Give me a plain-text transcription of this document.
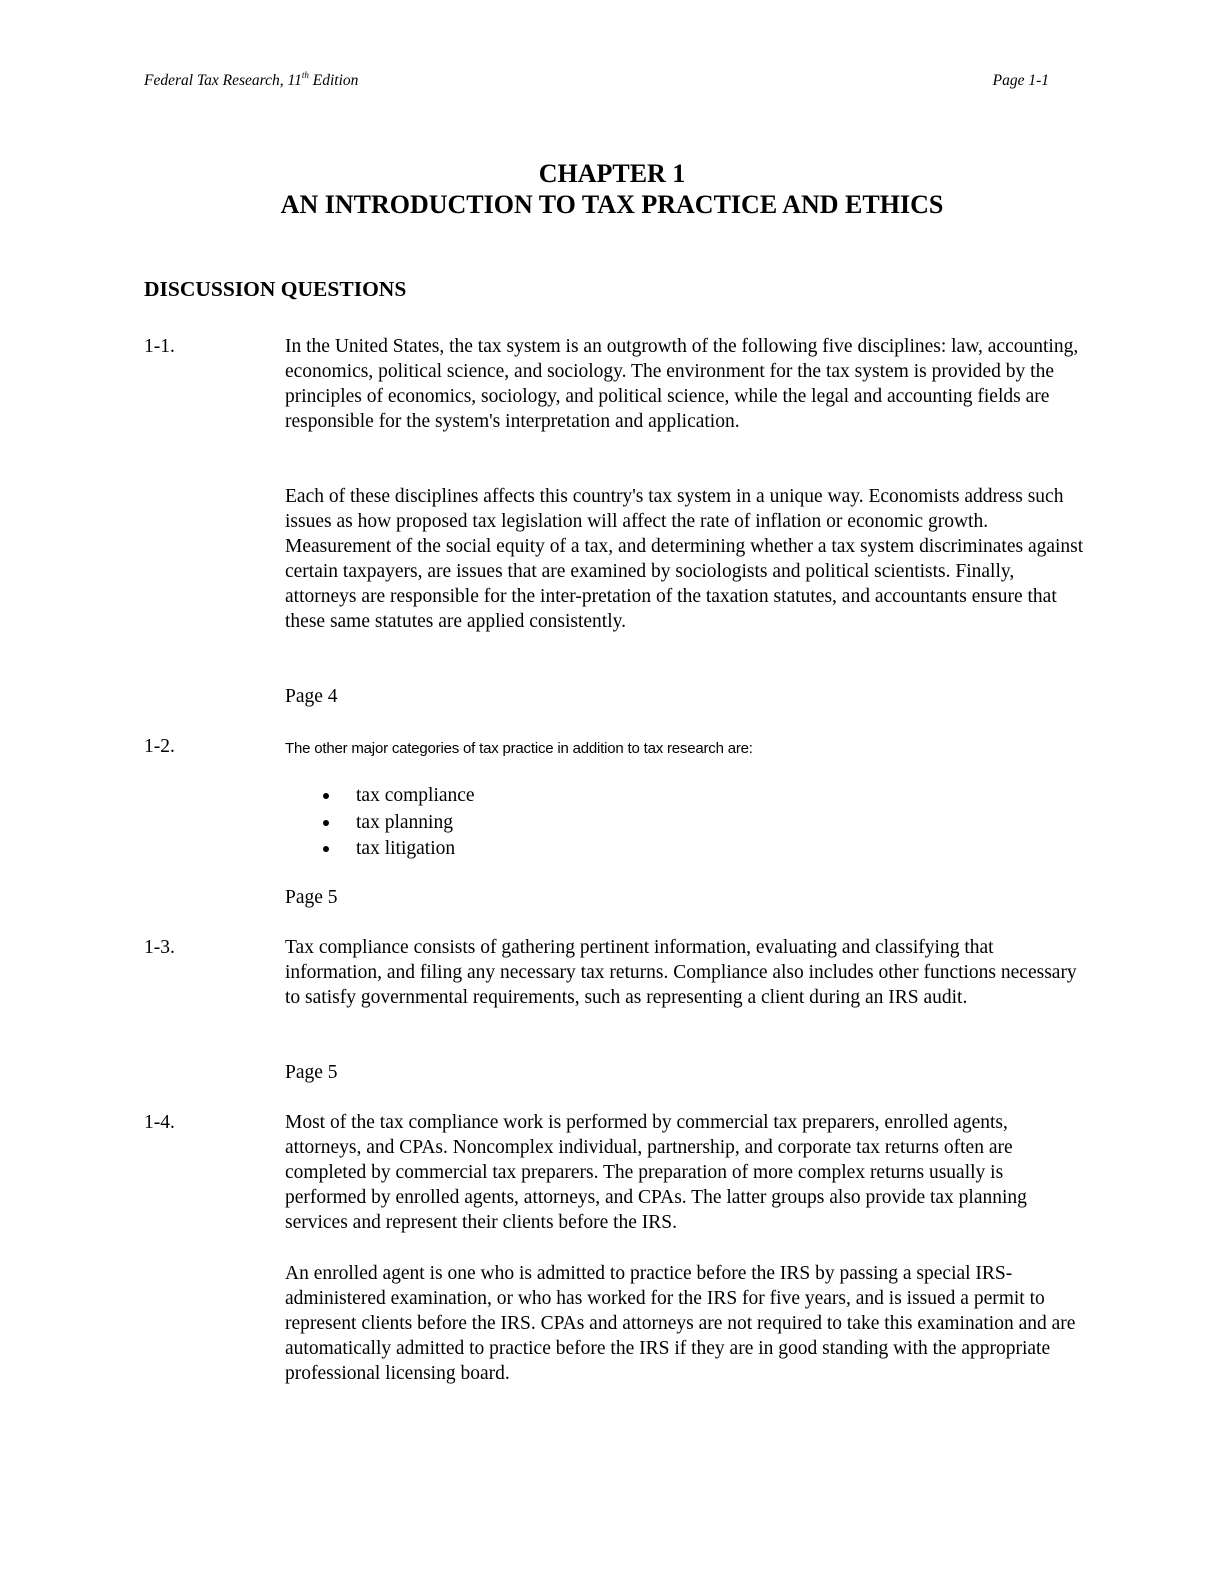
Federal Tax Research, 11th Edition	Page 1-1
CHAPTER 1
AN INTRODUCTION TO TAX PRACTICE AND ETHICS
DISCUSSION QUESTIONS
1-1.	In the United States, the tax system is an outgrowth of the following five disciplines: law, accounting, economics, political science, and sociology. The environment for the tax system is provided by the principles of economics, sociology, and political science, while the legal and accounting fields are responsible for the system's interpretation and application.
Each of these disciplines affects this country's tax system in a unique way. Economists address such issues as how proposed tax legislation will affect the rate of inflation or economic growth. Measurement of the social equity of a tax, and determining whether a tax system discriminates against certain taxpayers, are issues that are examined by sociologists and political scientists. Finally, attorneys are responsible for the inter-pretation of the taxation statutes, and accountants ensure that these same statutes are applied consistently.
Page 4
1-2.	The other major categories of tax practice in addition to tax research are:
tax compliance
tax planning
tax litigation
Page 5
1-3.	Tax compliance consists of gathering pertinent information, evaluating and classifying that information, and filing any necessary tax returns. Compliance also includes other functions necessary to satisfy governmental requirements, such as representing a client during an IRS audit.
Page 5
1-4.	Most of the tax compliance work is performed by commercial tax preparers, enrolled agents, attorneys, and CPAs. Noncomplex individual, partnership, and corporate tax returns often are completed by commercial tax preparers. The preparation of more complex returns usually is performed by enrolled agents, attorneys, and CPAs. The latter groups also provide tax planning services and represent their clients before the IRS.
An enrolled agent is one who is admitted to practice before the IRS by passing a special IRS-administered examination, or who has worked for the IRS for five years, and is issued a permit to represent clients before the IRS. CPAs and attorneys are not required to take this examination and are automatically admitted to practice before the IRS if they are in good standing with the appropriate professional licensing board.
